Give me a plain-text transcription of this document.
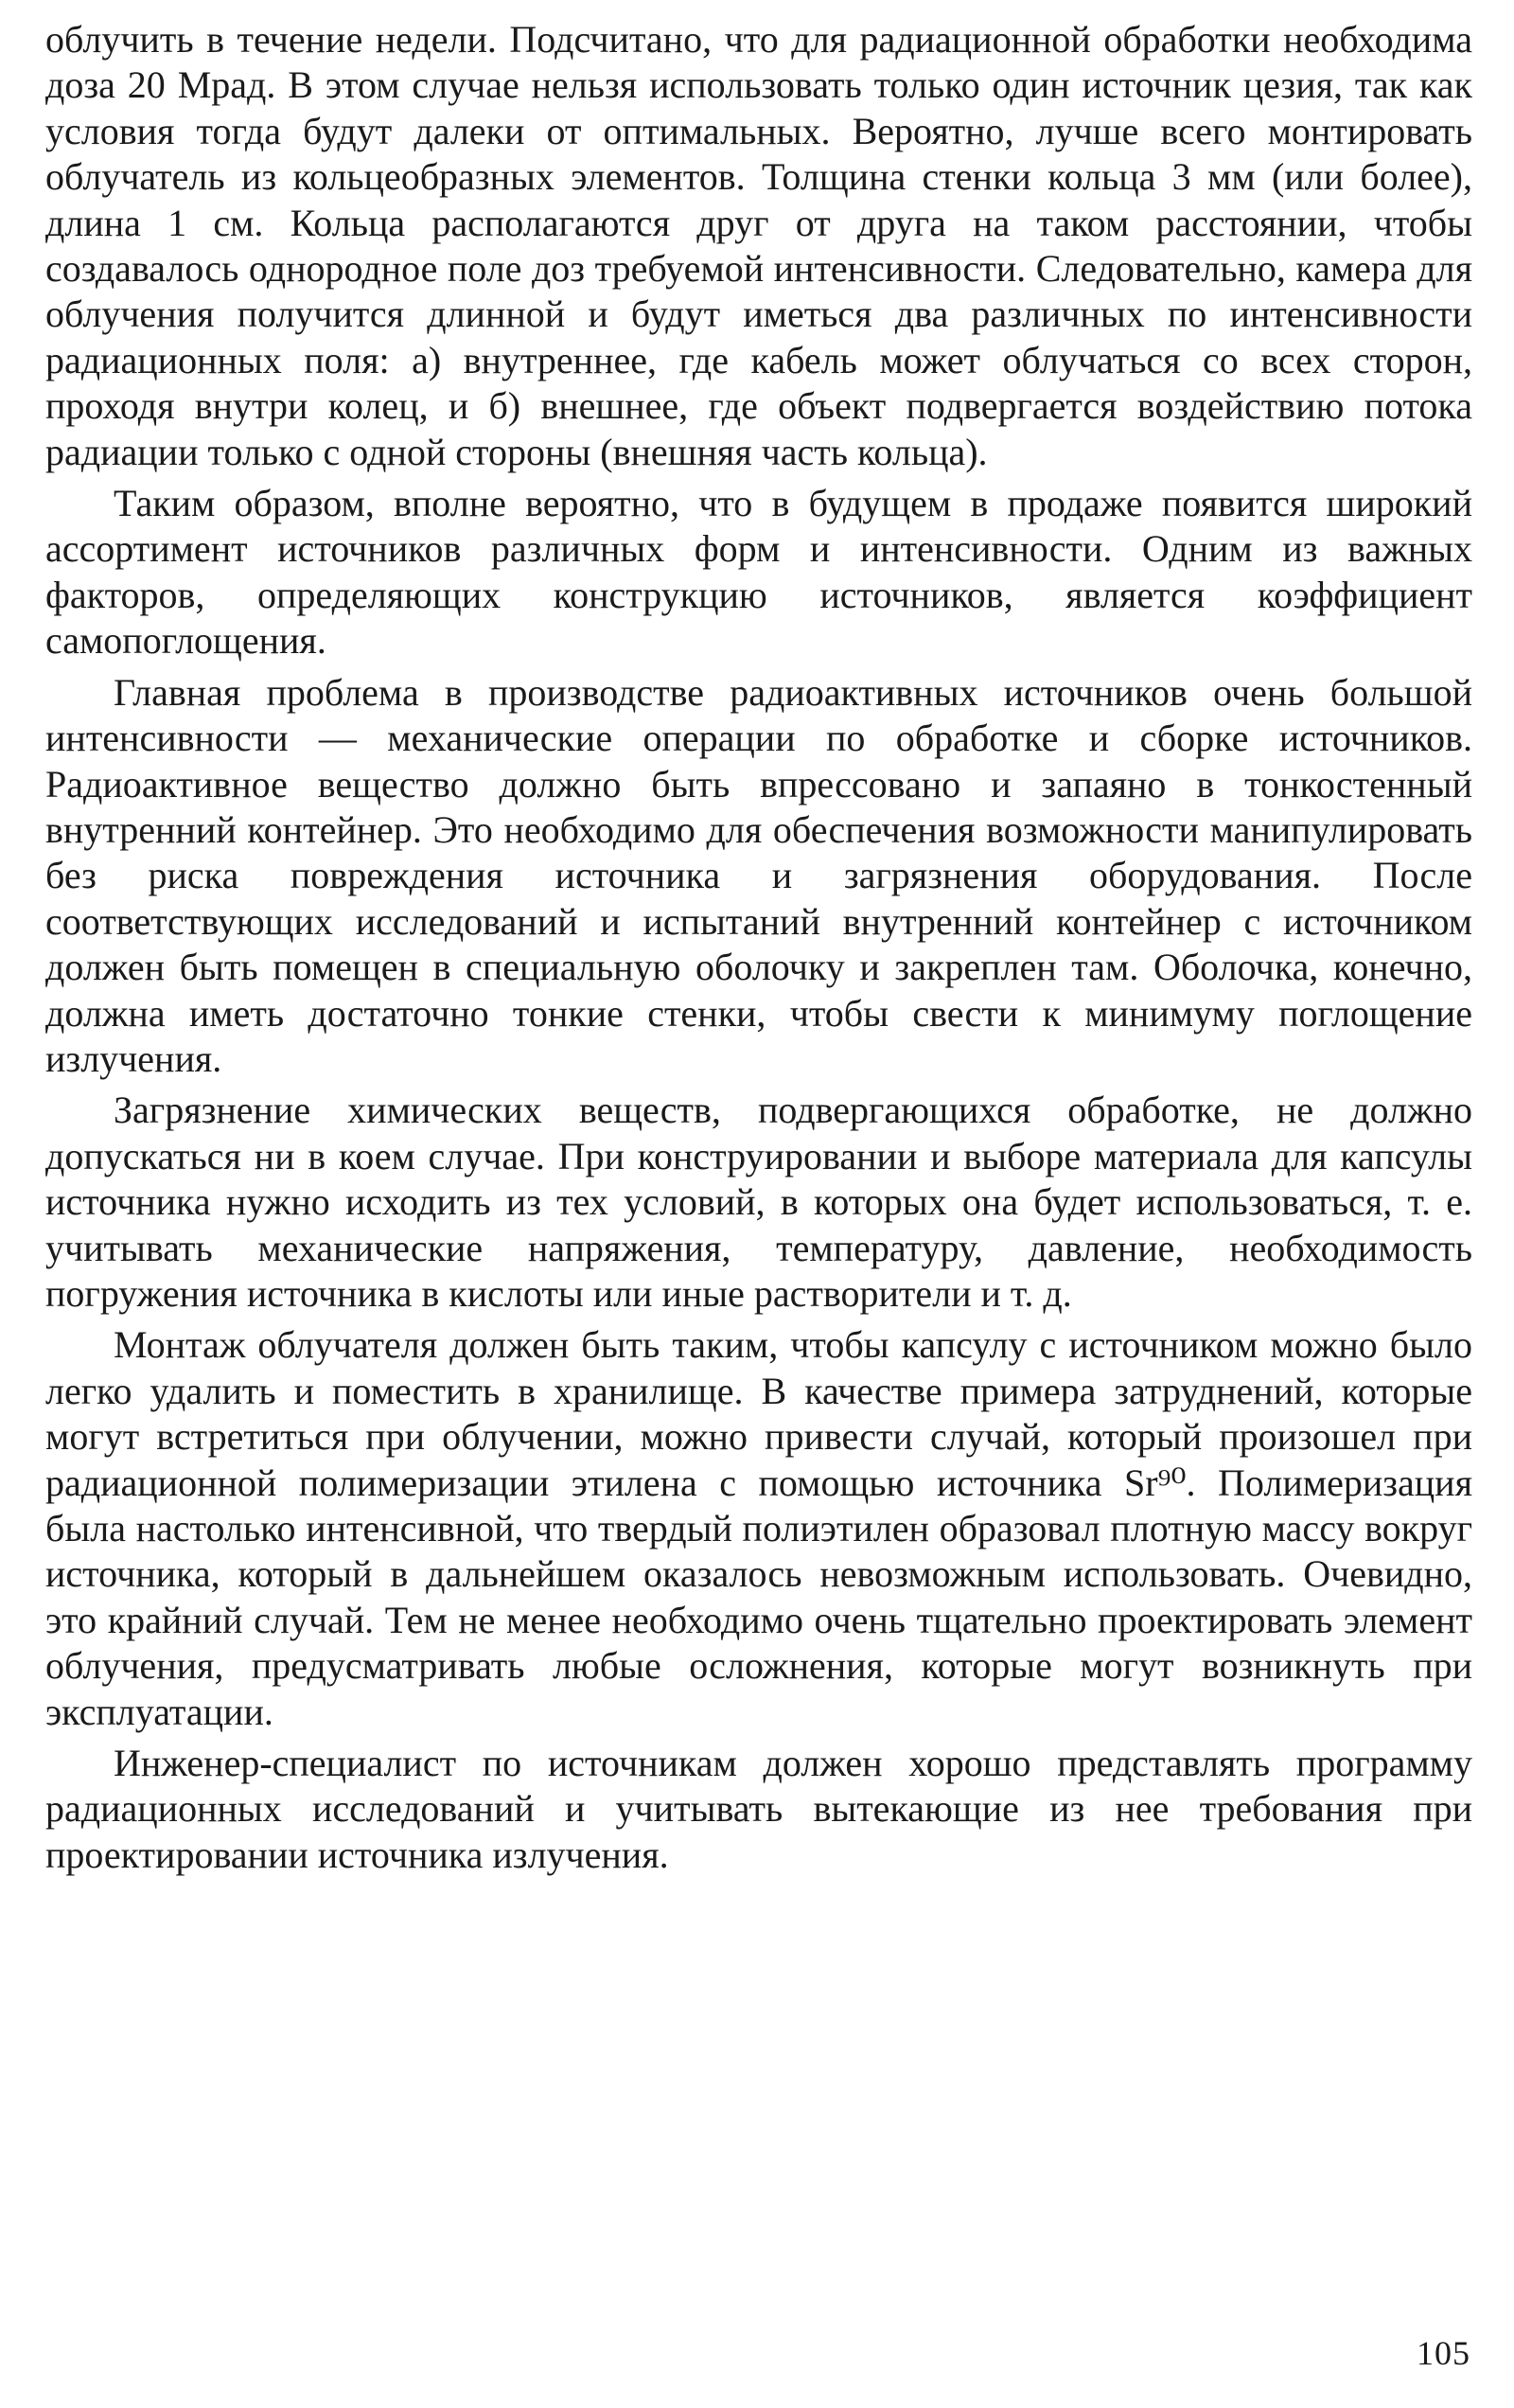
облучить в течение недели. Подсчитано, что для радиационной обработки необходима доза 20 Мрад. В этом случае нельзя использовать только один источник цезия, так как условия тогда будут далеки от оптимальных. Вероятно, лучше всего монтировать облучатель из кольцеобразных элементов. Толщина стенки кольца 3 мм (или более), длина 1 см. Кольца располагаются друг от друга на таком расстоянии, чтобы создавалось однородное поле доз требуемой интенсивности. Следовательно, камера для облучения получится длинной и будут иметься два различных по интенсивности радиационных поля: а) внутреннее, где кабель может облучаться со всех сторон, проходя внутри колец, и б) внешнее, где объект подвергается воздействию потока радиации только с одной стороны (внешняя часть кольца).

Таким образом, вполне вероятно, что в будущем в продаже появится широкий ассортимент источников различных форм и интенсивности. Одним из важных факторов, определяющих конструкцию источников, является коэффициент самопоглощения.

Главная проблема в производстве радиоактивных источников очень большой интенсивности — механические операции по обработке и сборке источников. Радиоактивное вещество должно быть впрессовано и запаяно в тонкостенный внутренний контейнер. Это необходимо для обеспечения возможности манипулировать без риска повреждения источника и загрязнения оборудования. После соответствующих исследований и испытаний внутренний контейнер с источником должен быть помещен в специальную оболочку и закреплен там. Оболочка, конечно, должна иметь достаточно тонкие стенки, чтобы свести к минимуму поглощение излучения.

Загрязнение химических веществ, подвергающихся обработке, не должно допускаться ни в коем случае. При конструировании и выборе материала для капсулы источника нужно исходить из тех условий, в которых она будет использоваться, т. е. учитывать механические напряжения, температуру, давление, необходимость погружения источника в кислоты или иные растворители и т. д.

Монтаж облучателя должен быть таким, чтобы капсулу с источником можно было легко удалить и поместить в хранилище. В качестве примера затруднений, которые могут встретиться при облучении, можно привести случай, который произошел при радиационной полимеризации этилена с помощью источника Sr⁹⁰. Полимеризация была настолько интенсивной, что твердый полиэтилен образовал плотную массу вокруг источника, который в дальнейшем оказалось невозможным использовать. Очевидно, это крайний случай. Тем не менее необходимо очень тщательно проектировать элемент облучения, предусматривать любые осложнения, которые могут возникнуть при эксплуатации.

Инженер-специалист по источникам должен хорошо представлять программу радиационных исследований и учитывать вытекающие из нее требования при проектировании источника излучения.

105
